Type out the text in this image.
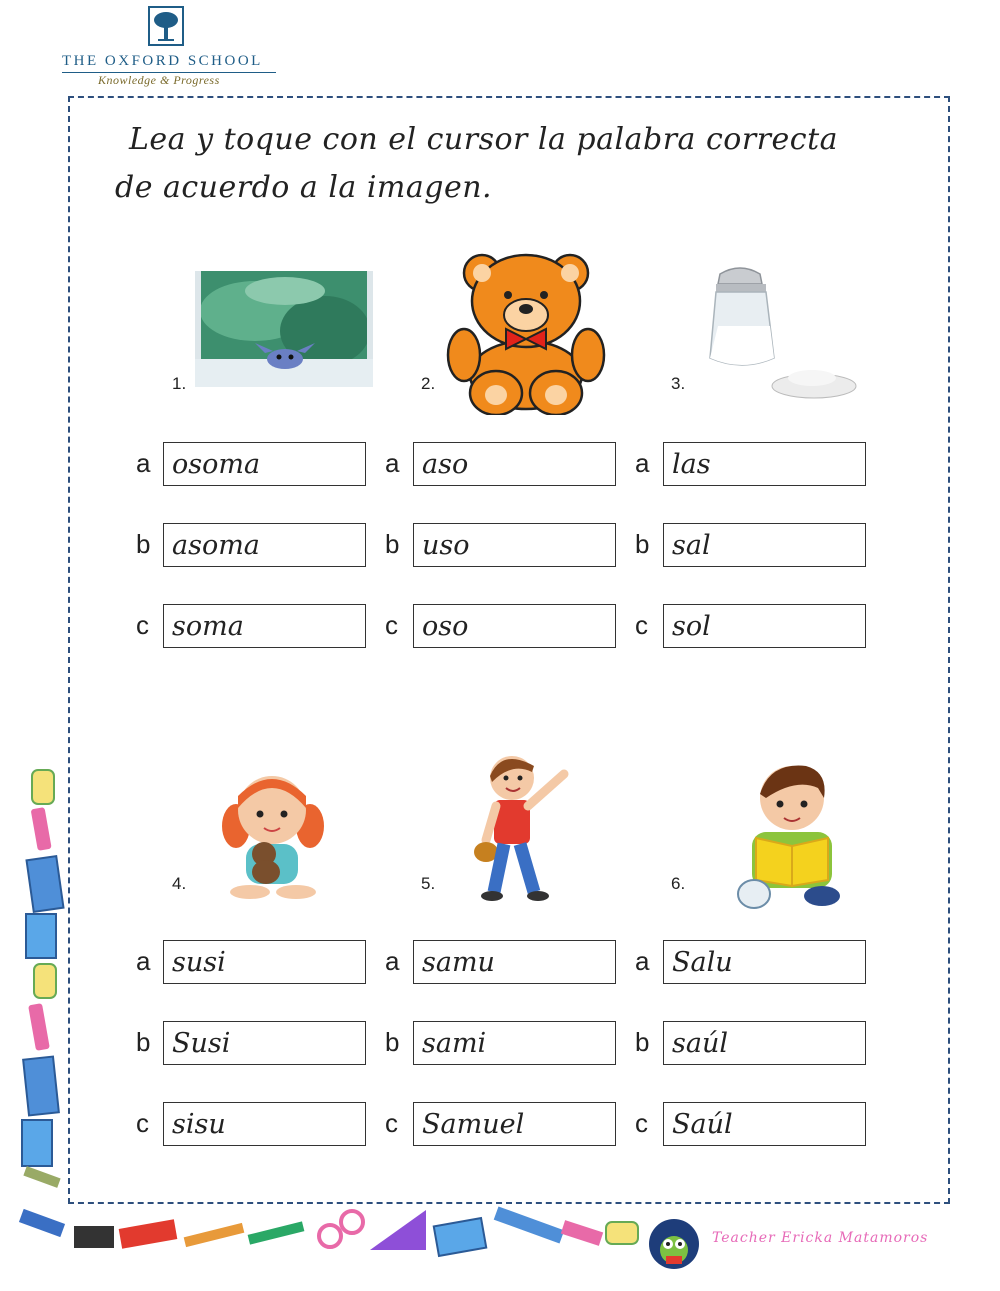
THE OXFORD SCHOOL
Knowledge & Progress
Lea y toque con el cursor la palabra correcta
de acuerdo a la imagen.
1.	2.	3.
4.	5.	6.
a osoma
b asoma
c soma
a aso
b uso
c oso
a las
b sal
c sol
a susi
b Susi
c sisu
a samu
b sami
c Samuel
a Salu
b saúl
c Saúl
Teacher Ericka Matamoros
